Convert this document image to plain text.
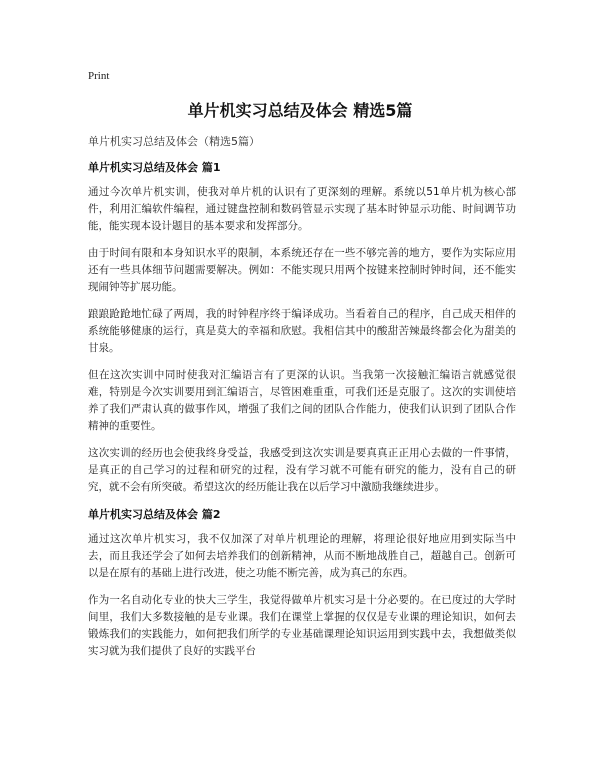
Print
单片机实习总结及体会 精选5篇

单片机实习总结及体会（精选5篇）

单片机实习总结及体会 篇1

通过今次单片机实训，使我对单片机的认识有了更深刻的理解。系统以51单片机为核心部件，利用汇编软件编程，通过键盘控制和数码管显示实现了基本时钟显示功能、时间调节功能，能实现本设计题目的基本要求和发挥部分。

由于时间有限和本身知识水平的限制，本系统还存在一些不够完善的地方，要作为实际应用还有一些具体细节问题需要解决。例如：不能实现只用两个按键来控制时钟时间，还不能实现闹钟等扩展功能。

踉踉跄跄地忙碌了两周，我的时钟程序终于编译成功。当看着自己的程序，自己成天相伴的系统能够健康的运行，真是莫大的幸福和欣慰。我相信其中的酸甜苦辣最终都会化为甜美的甘泉。

但在这次实训中同时使我对汇编语言有了更深的认识。当我第一次接触汇编语言就感觉很难，特别是今次实训要用到汇编语言，尽管困难重重，可我们还是克服了。这次的实训使培养了我们严肃认真的做事作风，增强了我们之间的团队合作能力，使我们认识到了团队合作精神的重要性。

这次实训的经历也会使我终身受益，我感受到这次实训是要真真正正用心去做的一件事情，是真正的自己学习的过程和研究的过程，没有学习就不可能有研究的能力，没有自己的研究，就不会有所突破。希望这次的经历能让我在以后学习中激励我继续进步。

单片机实习总结及体会 篇2

通过这次单片机实习，我不仅加深了对单片机理论的理解，将理论很好地应用到实际当中去，而且我还学会了如何去培养我们的创新精神，从而不断地战胜自己，超越自己。创新可以是在原有的基础上进行改进，使之功能不断完善，成为真己的东西。

作为一名自动化专业的快大三学生，我觉得做单片机实习是十分必要的。在已度过的大学时间里，我们大多数接触的是专业课。我们在课堂上掌握的仅仅是专业课的理论知识，如何去锻炼我们的实践能力，如何把我们所学的专业基础课理论知识运用到实践中去，我想做类似实习就为我们提供了良好的实践平台
